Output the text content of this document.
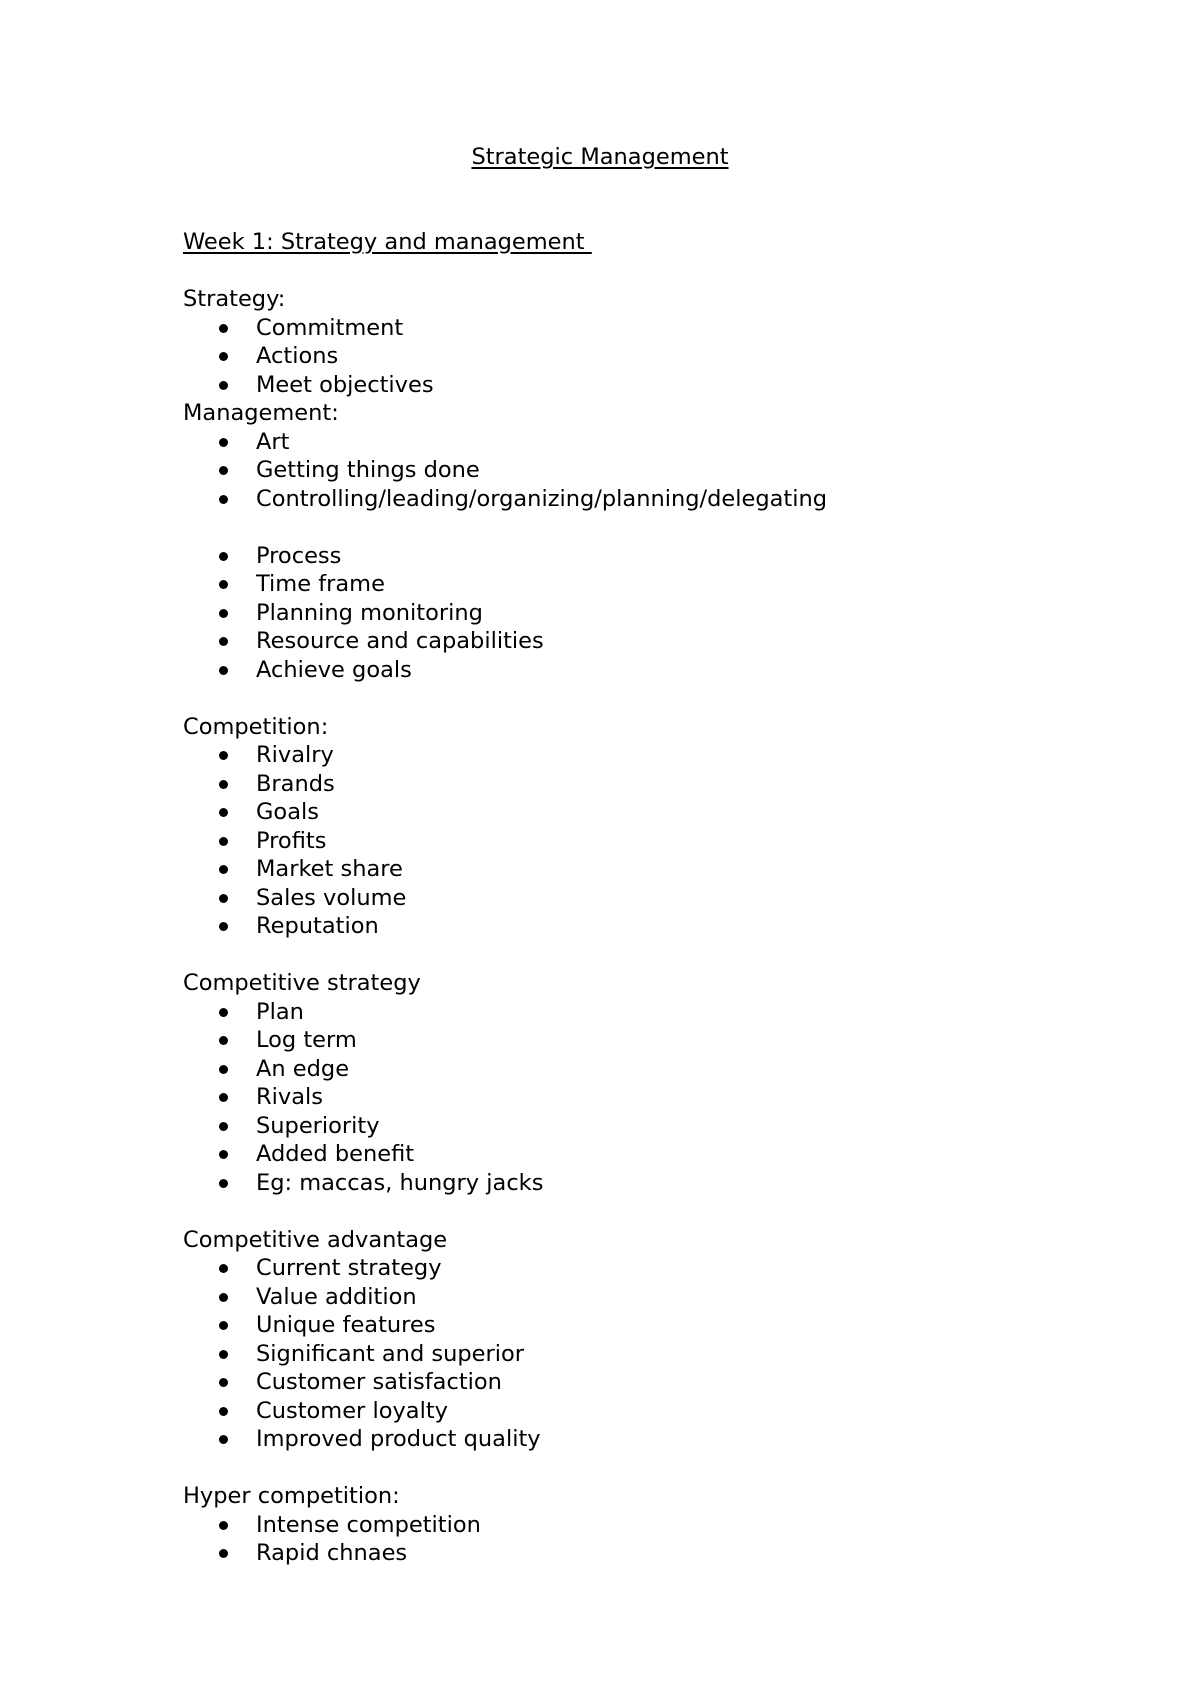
Strategic Management
Week 1: Strategy and management
Strategy:
Commitment
Actions
Meet objectives
Management:
Art
Getting things done
Controlling/leading/organizing/planning/delegating
Process
Time frame
Planning monitoring
Resource and capabilities
Achieve goals
Competition:
Rivalry
Brands
Goals
Profits
Market share
Sales volume
Reputation
Competitive strategy
Plan
Log term
An edge
Rivals
Superiority
Added benefit
Eg: maccas, hungry jacks
Competitive advantage
Current strategy
Value addition
Unique features
Significant and superior
Customer satisfaction
Customer loyalty
Improved product quality
Hyper competition:
Intense competition
Rapid chnaes
